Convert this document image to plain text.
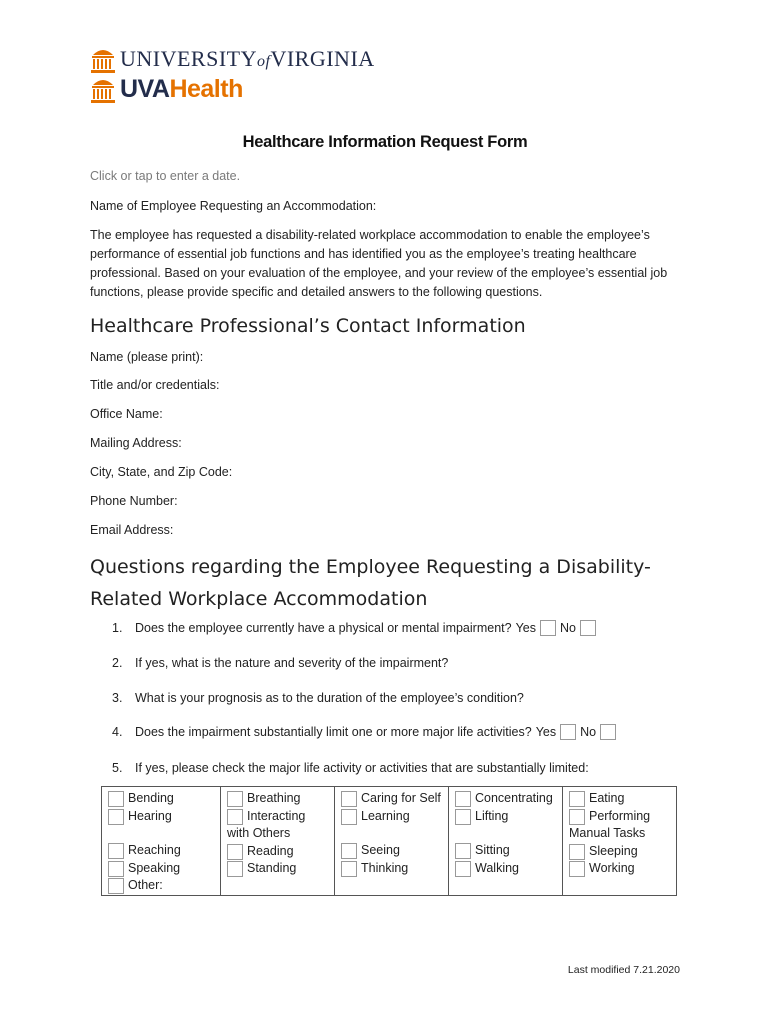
UNIVERSITYofVIRGINIA
UVAHealth
Healthcare Information Request Form
Click or tap to enter a date.
Name of Employee Requesting an Accommodation:
The employee has requested a disability-related workplace accommodation to enable the employee’s performance of essential job functions and has identified you as the employee’s treating healthcare professional. Based on your evaluation of the employee, and your review of the employee’s essential job functions, please provide specific and detailed answers to the following questions.
Healthcare Professional’s Contact Information
Name (please print):
Title and/or credentials:
Office Name:
Mailing Address:
City, State, and Zip Code:
Phone Number:
Email Address:
Questions regarding the Employee Requesting a Disability-
Related Workplace Accommodation
1.	Does the employee currently have a physical or mental impairment? Yes No
2.	If yes, what is the nature and severity of the impairment?
3.	What is your prognosis as to the duration of the employee’s condition?
4.	Does the impairment substantially limit one or more major life activities? Yes No
5.	If yes, please check the major life activity or activities that are substantially limited:
Bending
Hearing
Reaching
Speaking
Other:

Breathing
Interacting
with Others
Reading
Standing

Caring for Self
Learning
Seeing
Thinking

Concentrating
Lifting
Sitting
Walking

Eating
Performing
Manual Tasks
Sleeping
Working
Last modified 7.21.2020
